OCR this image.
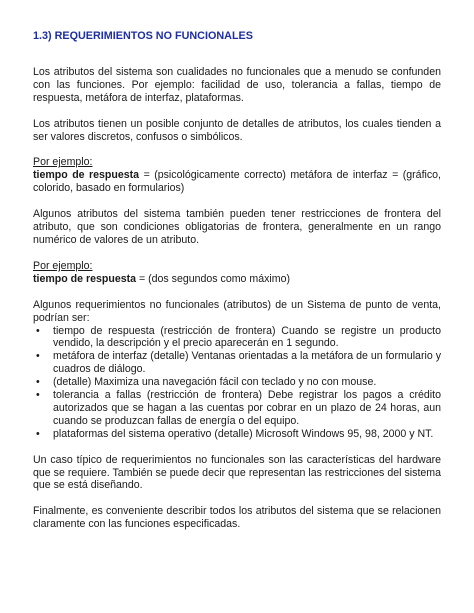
1.3) REQUERIMIENTOS NO FUNCIONALES

Los atributos del sistema son cualidades no funcionales que a menudo se confunden con las funciones. Por ejemplo: facilidad de uso, tolerancia a fallas, tiempo de respuesta, metáfora de interfaz, plataformas.

Los atributos tienen un posible conjunto de detalles de atributos, los cuales tienden a ser valores discretos, confusos o simbólicos.

Por ejemplo:
tiempo de respuesta = (psicológicamente correcto) metáfora de interfaz = (gráfico, colorido, basado en formularios)

Algunos atributos del sistema también pueden tener restricciones de frontera del atributo, que son condiciones obligatorias de frontera, generalmente en un rango numérico de valores de un atributo.

Por ejemplo:
tiempo de respuesta = (dos segundos como máximo)

Algunos requerimientos no funcionales (atributos) de un Sistema de punto de venta, podrían ser:

• tiempo de respuesta (restricción de frontera) Cuando se registre un producto vendido, la descripción y el precio aparecerán en 1 segundo.
• metáfora de interfaz (detalle) Ventanas orientadas a la metáfora de un formulario y cuadros de diálogo.
• (detalle) Maximiza una navegación fácil con teclado y no con mouse.
• tolerancia a fallas (restricción de frontera) Debe registrar los pagos a crédito autorizados que se hagan a las cuentas por cobrar en un plazo de 24 horas, aun cuando se produzcan fallas de energía o del equipo.
• plataformas del sistema operativo (detalle) Microsoft Windows 95, 98, 2000 y NT.

Un caso típico de requerimientos no funcionales son las características del hardware que se requiere. También se puede decir que representan las restricciones del sistema que se está diseñando.

Finalmente, es conveniente describir todos los atributos del sistema que se relacionen claramente con las funciones especificadas.
